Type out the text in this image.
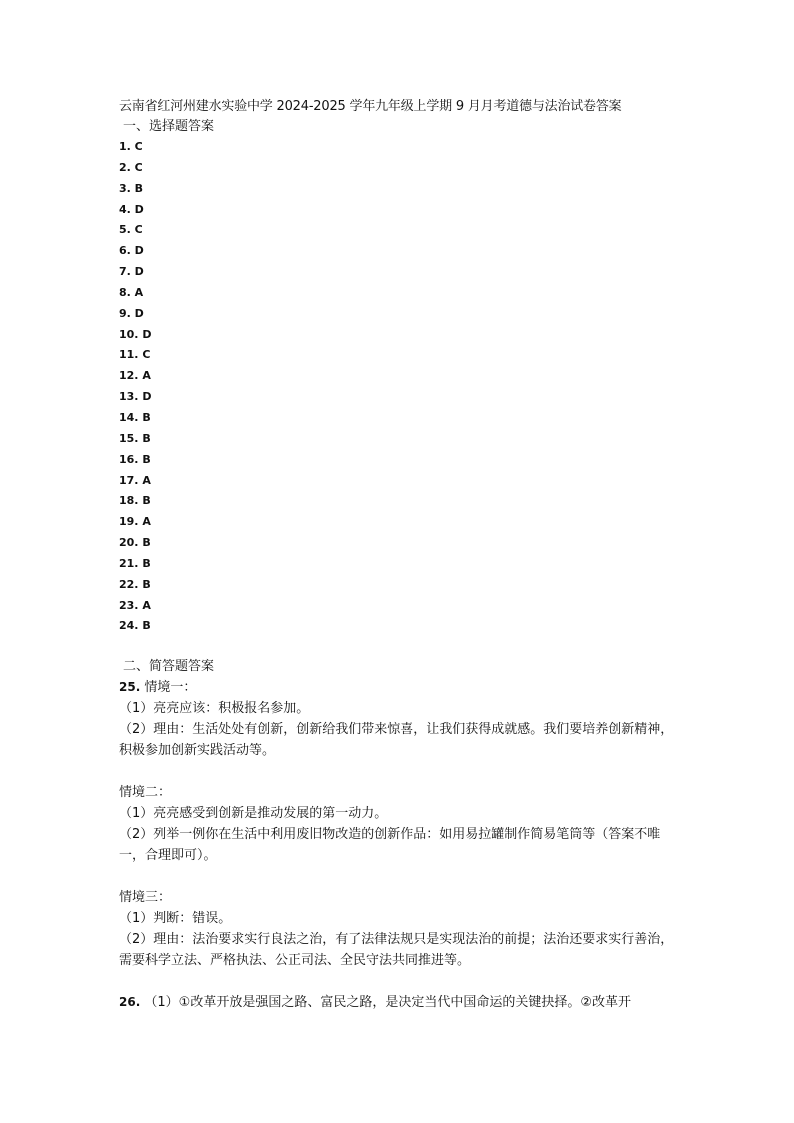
云南省红河州建水实验中学 2024-2025 学年九年级上学期 9 月月考道德与法治试卷答案
一、选择题答案
1. C
2. C
3. B
4. D
5. C
6. D
7. D
8. A
9. D
10. D
11. C
12. A
13. D
14. B
15. B
16. B
17. A
18. B
19. A
20. B
21. B
22. B
23. A
24. B
二、简答题答案

25. 情境一：

（1）亮亮应该：积极报名参加。

（2）理由：生活处处有创新，创新给我们带来惊喜，让我们获得成就感。我们要培养创新精神，积极参加创新实践活动等。

情境二：

（1）亮亮感受到创新是推动发展的第一动力。

（2）列举一例你在生活中利用废旧物改造的创新作品：如用易拉罐制作简易笔筒等（答案不唯一，合理即可）。

情境三：

（1）判断：错误。

（2）理由：法治要求实行良法之治，有了法律法规只是实现法治的前提；法治还要求实行善治，需要科学立法、严格执法、公正司法、全民守法共同推进等。

26. （1）①改革开放是强国之路、富民之路，是决定当代中国命运的关键抉择。②改革开
